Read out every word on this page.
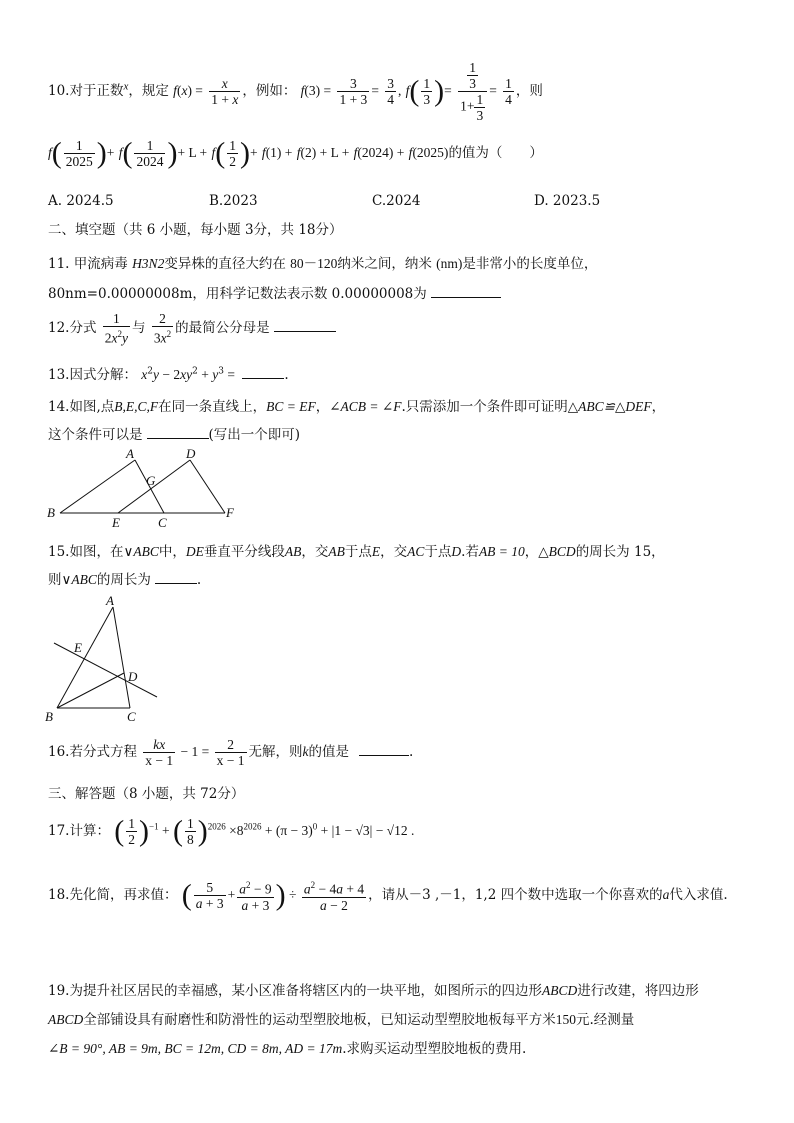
10.对于正数$^x$，规定 $f(x) = \frac{x}{1 + x}$ ，例如： $f(3) = \frac{3}{1 + 3} = \frac{3}{4}$ , $f( \frac{1}{3}$ )= $\frac{\frac{1}{3}}{1+ \frac{1}{3}} = \frac{1}{4}$ ，则
$f( \frac{1}{2025}$ )+ $f( \frac{1}{2024}$ )+ $L + f( \frac{1}{2}$ )+ f(1) + f(2) + L + f(2024) + f(2025)的值为（　　）
A. 2024.5	B.2023	C.2024	D. 2023.5
二、填空题（共 6 小题，每小题 3分，共 18分）
11. 甲流病毒 H3N2变异株的直径大约在 80－120纳米之间，纳米 (nm)是非常小的长度单位，
80nm=0.00000008m，用科学记数法表示数 0.00000008为
12.分式 $\frac{1}{2x^2y}$ 与 $\frac{2}{3x^2}$ 的最简公分母是
13.因式分解： $x^2y - 2xy^2 + y^3$ =	.
14.如图,点B,E,C,F在同一条直线上，BC = EF，∠ACB = ∠F.只需添加一个条件即可证明△ABC≌△DEF，
这个条件可以是	(写出一个即可)
A	D
G
B
E	C
F
15.如图，在∨ABC中，DE垂直平分线段AB，交AB于点E，交AC于点D.若AB = 10，△BCD的周长为 15，
则∨ABC的周长为	.
A
E
D
B	C
16.若分式方程 $\frac{kx}{x - 1} - 1 = \frac{2}{x - 1}$ 无解，则k的值是	.
三、解答题（8 小题，共 72分）
17.计算： ( $\frac{1}{2} )^{-1}$ + ( $\frac{1}{8} )^{2026} \times 8^{2026} + (\pi - 3)^0 + |1 - √3| - √12$ .
18.先化简，再求值： ( $\frac{5}{a + 3} + \frac{a^2 - 9}{a + 3}$ ) ÷ $\frac{a^2 - 4a + 4}{a - 2}$ ，请从－3 ,－1，1,2 四个数中选取一个你喜欢的a代入求值.
19.为提升社区居民的幸福感，某小区准备将辖区内的一块平地，如图所示的四边形ABCD进行改建，将四边形
ABCD全部铺设具有耐磨性和防滑性的运动型塑胶地板，已知运动型塑胶地板每平方米150元.经测量
∠B = 90°, AB = 9m, BC = 12m, CD = 8m, AD = 17m.求购买运动型塑胶地板的费用.
